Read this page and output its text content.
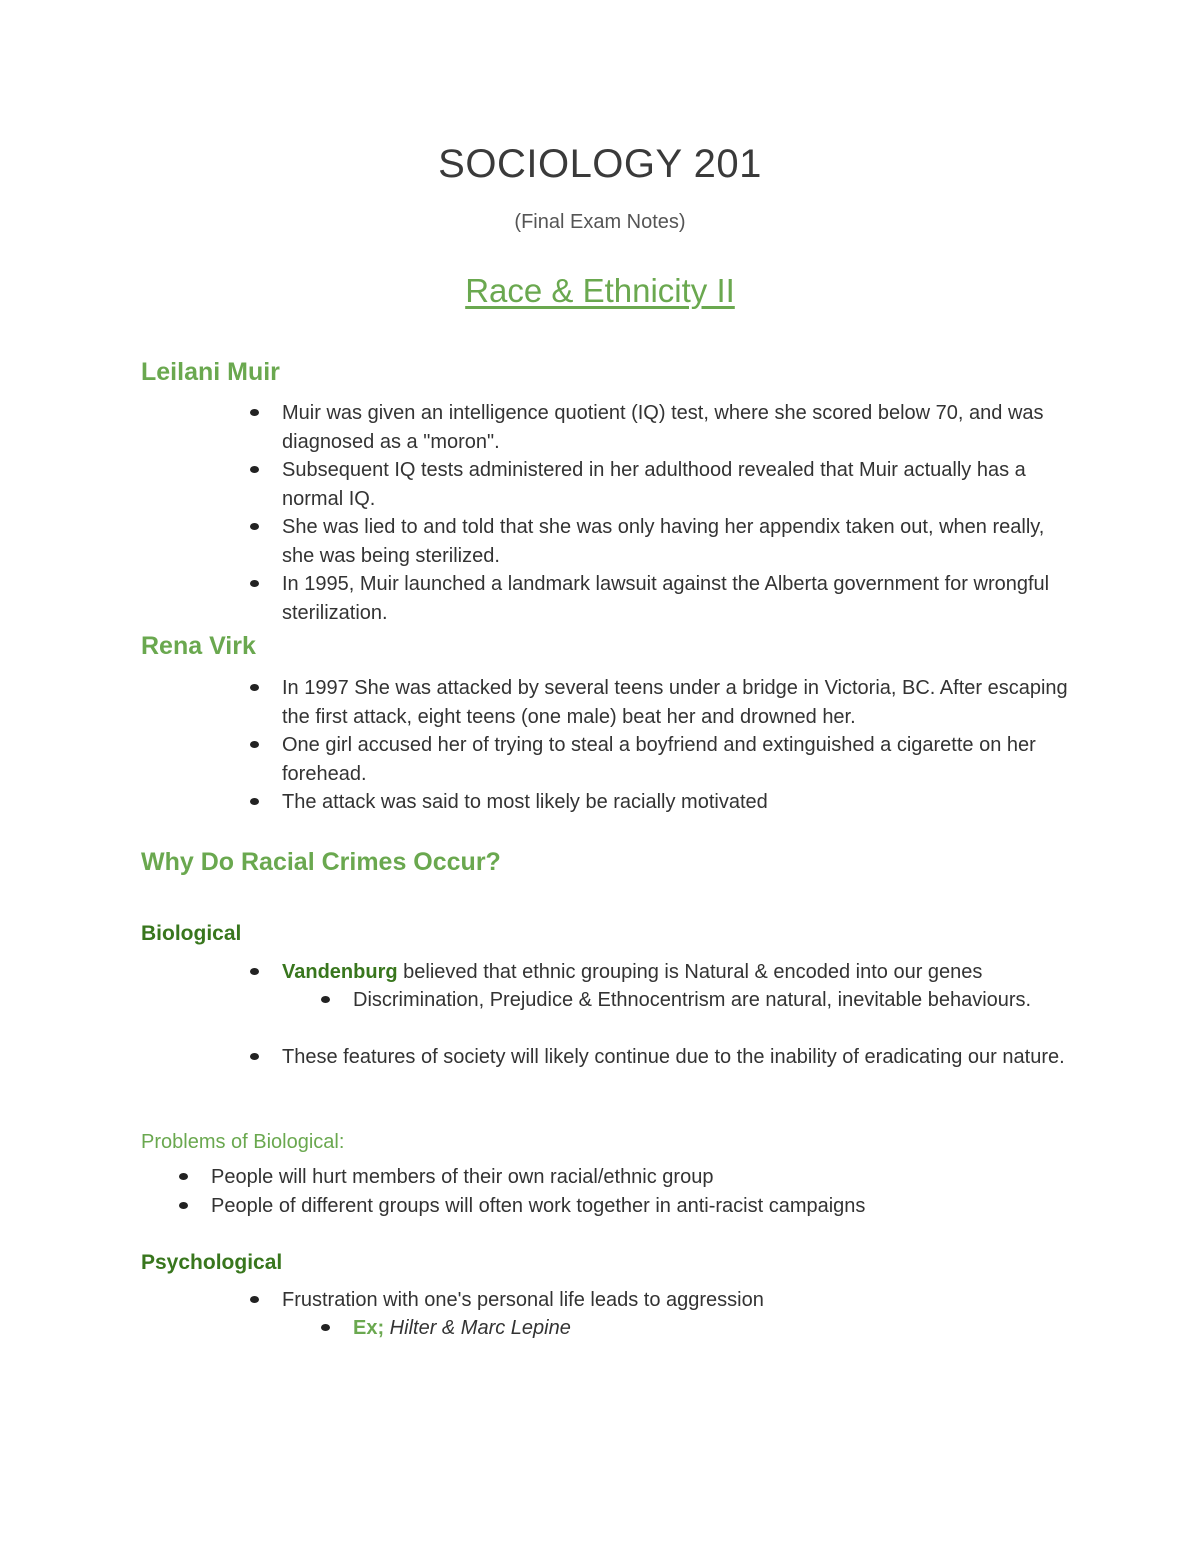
SOCIOLOGY 201
(Final Exam Notes)
Race & Ethnicity II
Leilani Muir
Muir was given an intelligence quotient (IQ) test, where she scored below 70, and was diagnosed as a "moron".
Subsequent IQ tests administered in her adulthood revealed that Muir actually has a normal IQ.
She was lied to and told that she was only having her appendix taken out, when really, she was being sterilized.
In 1995, Muir launched a landmark lawsuit against the Alberta government for wrongful sterilization.
Rena Virk
In 1997 She was attacked by several teens under a bridge in Victoria, BC. After escaping the first attack, eight teens (one male) beat her and drowned her.
One girl accused her of trying to steal a boyfriend and extinguished a cigarette on her forehead.
The attack was said to most likely be racially motivated
Why Do Racial Crimes Occur?
Biological
Vandenburg believed that ethnic grouping is Natural & encoded into our genes
Discrimination, Prejudice & Ethnocentrism are natural, inevitable behaviours.
These features of society will likely continue due to the inability of eradicating our nature.
Problems of Biological:
People will hurt members of their own racial/ethnic group
People of different groups will often work together in anti-racist campaigns
Psychological
Frustration with one's personal life leads to aggression
Ex; Hilter & Marc Lepine
